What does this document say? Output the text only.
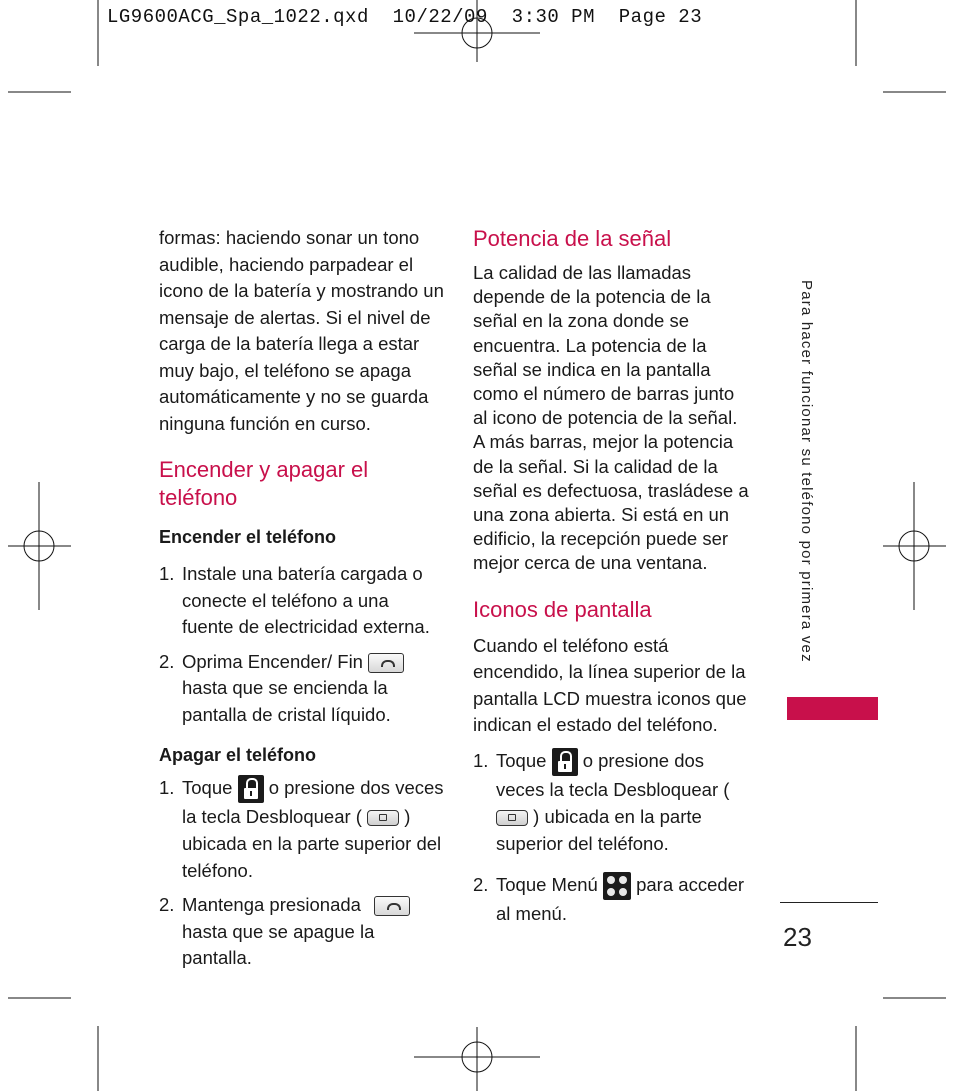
LG9600ACG_Spa_1022.qxd  10/22/09  3:30 PM  Page 23

formas: haciendo sonar un tono audible, haciendo parpadear el icono de la batería y mostrando un mensaje de alertas. Si el nivel de carga de la batería llega a estar muy bajo, el teléfono se apaga automáticamente y no se guarda ninguna función en curso.

Encender y apagar el teléfono

Encender el teléfono

1. Instale una batería cargada o conecte el teléfono a una fuente de electricidad externa.
2. Oprima Encender/ Fin  hasta que se encienda la pantalla de cristal líquido.

Apagar el teléfono

1. Toque o presione dos veces la tecla Desbloquear ( ) ubicada en la parte superior del teléfono.
2. Mantenga presionada  hasta que se apague la pantalla.
Potencia de la señal

La calidad de las llamadas depende de la potencia de la señal en la zona donde se encuentra. La potencia de la señal se indica en la pantalla como el número de barras junto al icono de potencia de la señal. A más barras, mejor la potencia de la señal. Si la calidad de la señal es defectuosa, trasládese a una zona abierta. Si está en un edificio, la recepción puede ser mejor cerca de una ventana.

Iconos de pantalla

Cuando el teléfono está encendido, la línea superior de la pantalla LCD muestra iconos que indican el estado del teléfono.

1. Toque o presione dos veces la tecla Desbloquear (  ) ubicada en la parte superior del teléfono.
2. Toque Menú para acceder al menú.
Para hacer funcionar su teléfono por primera vez
23
